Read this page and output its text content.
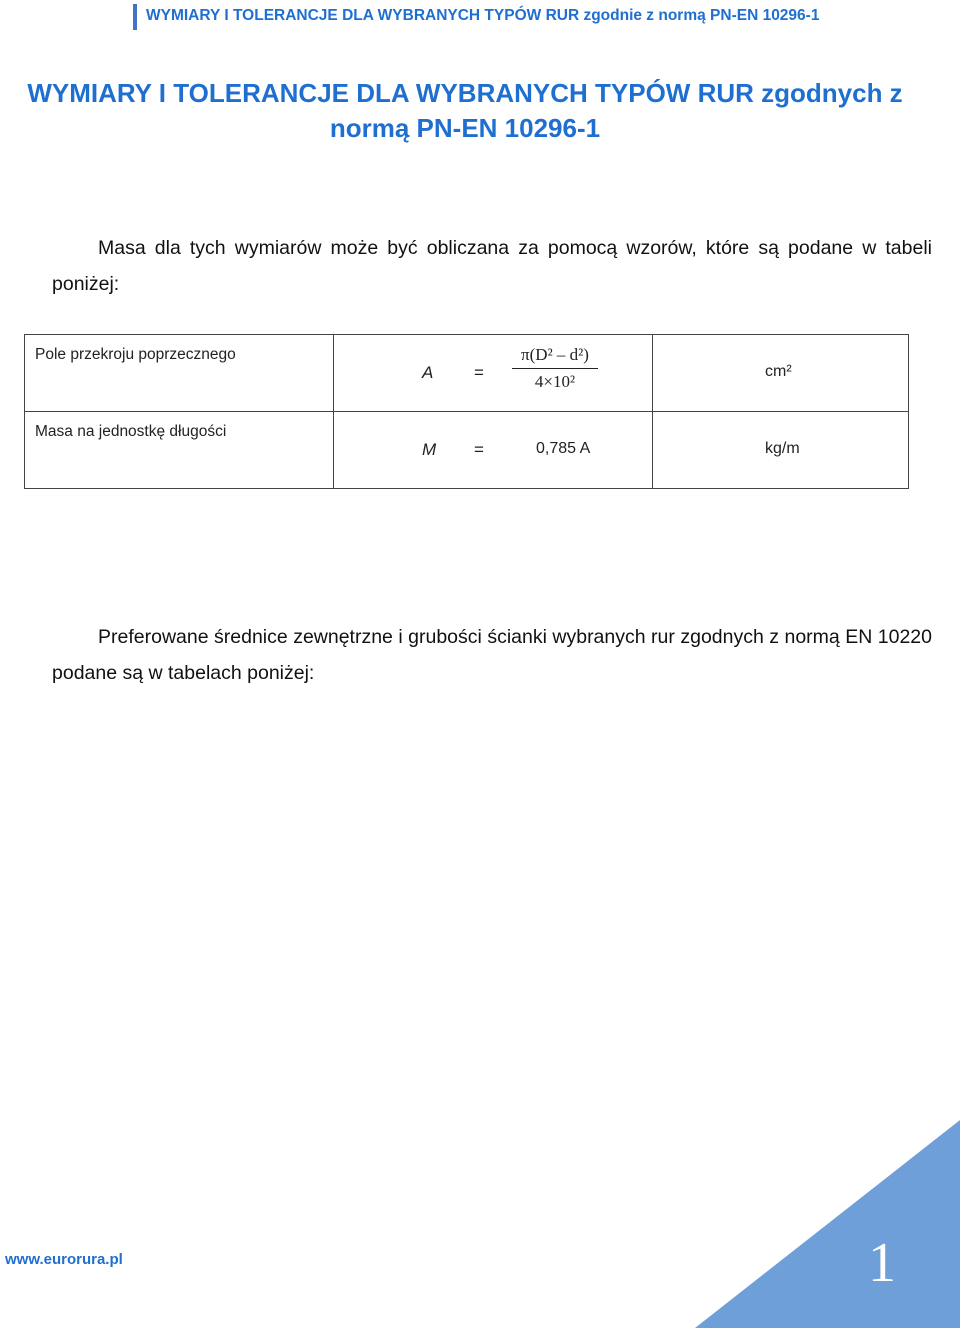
WYMIARY I TOLERANCJE DLA WYBRANYCH TYPÓW RUR zgodnie z normą PN-EN 10296-1
WYMIARY I TOLERANCJE DLA WYBRANYCH TYPÓW RUR zgodnych z
normą PN-EN 10296-1
Masa dla tych wymiarów może być obliczana za pomocą wzorów, które są podane w tabeli poniżej:
Pole przekroju poprzecznego	$A = \frac{\text{π(D² – d²)}}{\text{4×10²}}$	cm²

Masa na jednostkę długości	M = 0,785 A	kg/m
Preferowane średnice zewnętrzne i grubości ścianki wybranych rur zgodnych z normą EN 10220 podane są w tabelach poniżej:
1
www.eurorura.pl
